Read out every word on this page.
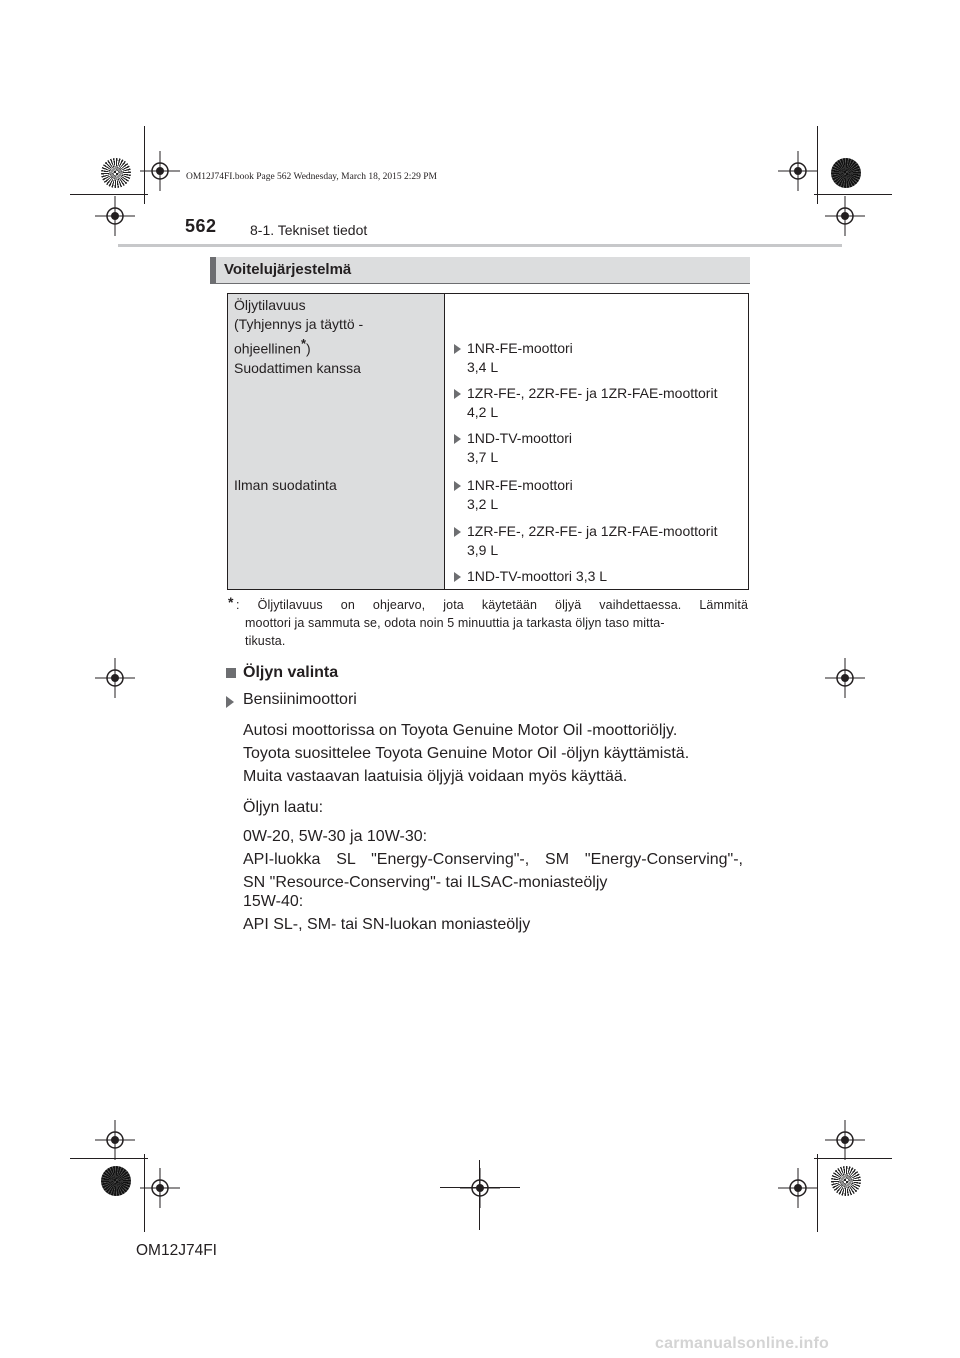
OM12J74FI.book Page 562 Wednesday, March 18, 2015 2:29 PM
562 8-1. Tekniset tiedot
Voitelujärjestelmä
Öljytilavuus
(Tyhjennys ja täyttö -
ohjeellinen*)
Suodattimen kanssa
Ilman suodatinta
1NR-FE-moottori
3,4 L
1ZR-FE-, 2ZR-FE- ja 1ZR-FAE-moottorit
4,2 L
1ND-TV-moottori
3,7 L
1NR-FE-moottori
3,2 L
1ZR-FE-, 2ZR-FE- ja 1ZR-FAE-moottorit
3,9 L
1ND-TV-moottori 3,3 L
* : Öljytilavuus on ohjearvo, jota käytetään öljyä vaihdettaessa. Lämmitä
moottori ja sammuta se, odota noin 5 minuuttia ja tarkasta öljyn taso mitta-
tikusta.
Öljyn valinta
Bensiinimoottori
Autosi moottorissa on Toyota Genuine Motor Oil -moottoriöljy.
Toyota suosittelee Toyota Genuine Motor Oil -öljyn käyttämistä.
Muita vastaavan laatuisia öljyjä voidaan myös käyttää.
Öljyn laatu:
0W-20, 5W-30 ja 10W-30:
API-luokka SL "Energy-Conserving"-, SM "Energy-Conserving"-,
SN "Resource-Conserving"- tai ILSAC-moniasteöljy
15W-40:
API SL-, SM- tai SN-luokan moniasteöljy
OM12J74FI
carmanualsonline.info
